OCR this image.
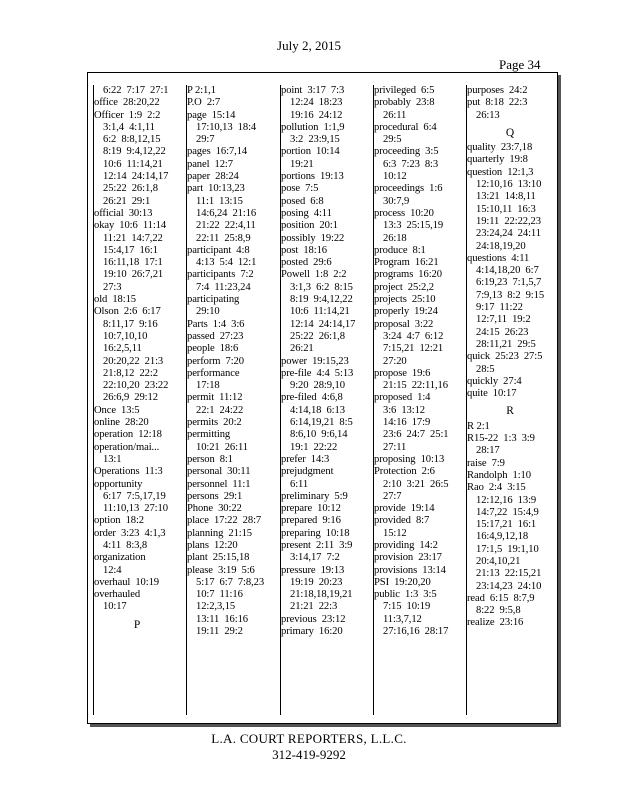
July 2, 2015
Page 34
6:22  7:17  27:1
office  28:20,22
Officer  1:9  2:2
3:1,4  4:1,11
6:2  8:8,12,15
8:19  9:4,12,22
10:6  11:14,21
12:14  24:14,17
25:22  26:1,8
26:21  29:1
official  30:13
okay  10:6  11:14
11:21  14:7,22
15:4,17  16:1
16:11,18  17:1
19:10  26:7,21
27:3
old  18:15
Olson  2:6  6:17
8:11,17  9:16
10:7,10,10
16:2,5,11
20:20,22  21:3
21:8,12  22:2
22:10,20  23:22
26:6,9  29:12
Once  13:5
online  28:20
operation  12:18
operation/mai...
13:1
Operations  11:3
opportunity
6:17  7:5,17,19
11:10,13  27:10
option  18:2
order  3:23  4:1,3
4:11  8:3,8
organization
12:4
overhaul  10:19
overhauled
10:17
P
P 2:1,1
P.O  2:7
page  15:14
17:10,13  18:4
29:7
pages  16:7,14
panel  12:7
paper  28:24
part  10:13,23
11:1  13:15
14:6,24  21:16
21:22  22:4,11
22:11  25:8,9
participant  4:8
4:13  5:4  12:1
participants  7:2
7:4  11:23,24
participating
29:10
Parts  1:4  3:6
passed  27:23
people  18:6
perform  7:20
performance
17:18
permit  11:12
22:1  24:22
permits  20:2
permitting
10:21  26:11
person  8:1
personal  30:11
personnel  11:1
persons  29:1
Phone  30:22
place  17:22  28:7
planning  21:15
plans  12:20
plant  25:15,18
please  3:19  5:6
5:17  6:7  7:8,23
10:7  11:16
12:2,3,15
13:11  16:16
19:11  29:2
point  3:17  7:3
12:24  18:23
19:16  24:12
pollution  1:1,9
3:2  23:9,15
portion  10:14
19:21
portions  19:13
pose  7:5
posed  6:8
posing  4:11
position  20:1
possibly  19:22
post  18:16
posted  29:6
Powell  1:8  2:2
3:1,3  6:2  8:15
8:19  9:4,12,22
10:6  11:14,21
12:14  24:14,17
25:22  26:1,8
26:21
power  19:15,23
pre-file  4:4  5:13
9:20  28:9,10
pre-filed  4:6,8
4:14,18  6:13
6:14,19,21  8:5
8:6,10  9:6,14
19:1  22:22
prefer  14:3
prejudgment
6:11
preliminary  5:9
prepare  10:12
prepared  9:16
preparing  10:18
present  2:11  3:9
3:14,17  7:2
pressure  19:13
19:19  20:23
21:18,18,19,21
21:21  22:3
previous  23:12
primary  16:20
privileged  6:5
probably  23:8
26:11
procedural  6:4
29:5
proceeding  3:5
6:3  7:23  8:3
10:12
proceedings  1:6
30:7,9
process  10:20
13:3  25:15,19
26:18
produce  8:1
Program  16:21
programs  16:20
project  25:2,2
projects  25:10
properly  19:24
proposal  3:22
3:24  4:7  6:12
7:15,21  12:21
27:20
propose  19:6
21:15  22:11,16
proposed  1:4
3:6  13:12
14:16  17:9
23:6  24:7  25:1
27:11
proposing  10:13
Protection  2:6
2:10  3:21  26:5
27:7
provide  19:14
provided  8:7
15:12
providing  14:2
provision  23:17
provisions  13:14
PSI  19:20,20
public  1:3  3:5
7:15  10:19
11:3,7,12
27:16,16  28:17
purposes  24:2
put  8:18  22:3
26:13
Q
quality  23:7,18
quarterly  19:8
question  12:1,3
12:10,16  13:10
13:21  14:8,11
15:10,11  16:3
19:11  22:22,23
23:24,24  24:11
24:18,19,20
questions  4:11
4:14,18,20  6:7
6:19,23  7:1,5,7
7:9,13  8:2  9:15
9:17  11:22
12:7,11  19:2
24:15  26:23
28:11,21  29:5
quick  25:23  27:5
28:5
quickly  27:4
quite  10:17
R
R 2:1
R15-22  1:3  3:9
28:17
raise  7:9
Randolph  1:10
Rao  2:4  3:15
12:12,16  13:9
14:7,22  15:4,9
15:17,21  16:1
16:4,9,12,18
17:1,5  19:1,10
20:4,10,21
21:13  22:15,21
23:14,23  24:10
read  6:15  8:7,9
8:22  9:5,8
realize  23:16
L.A. COURT REPORTERS, L.L.C.
312-419-9292
